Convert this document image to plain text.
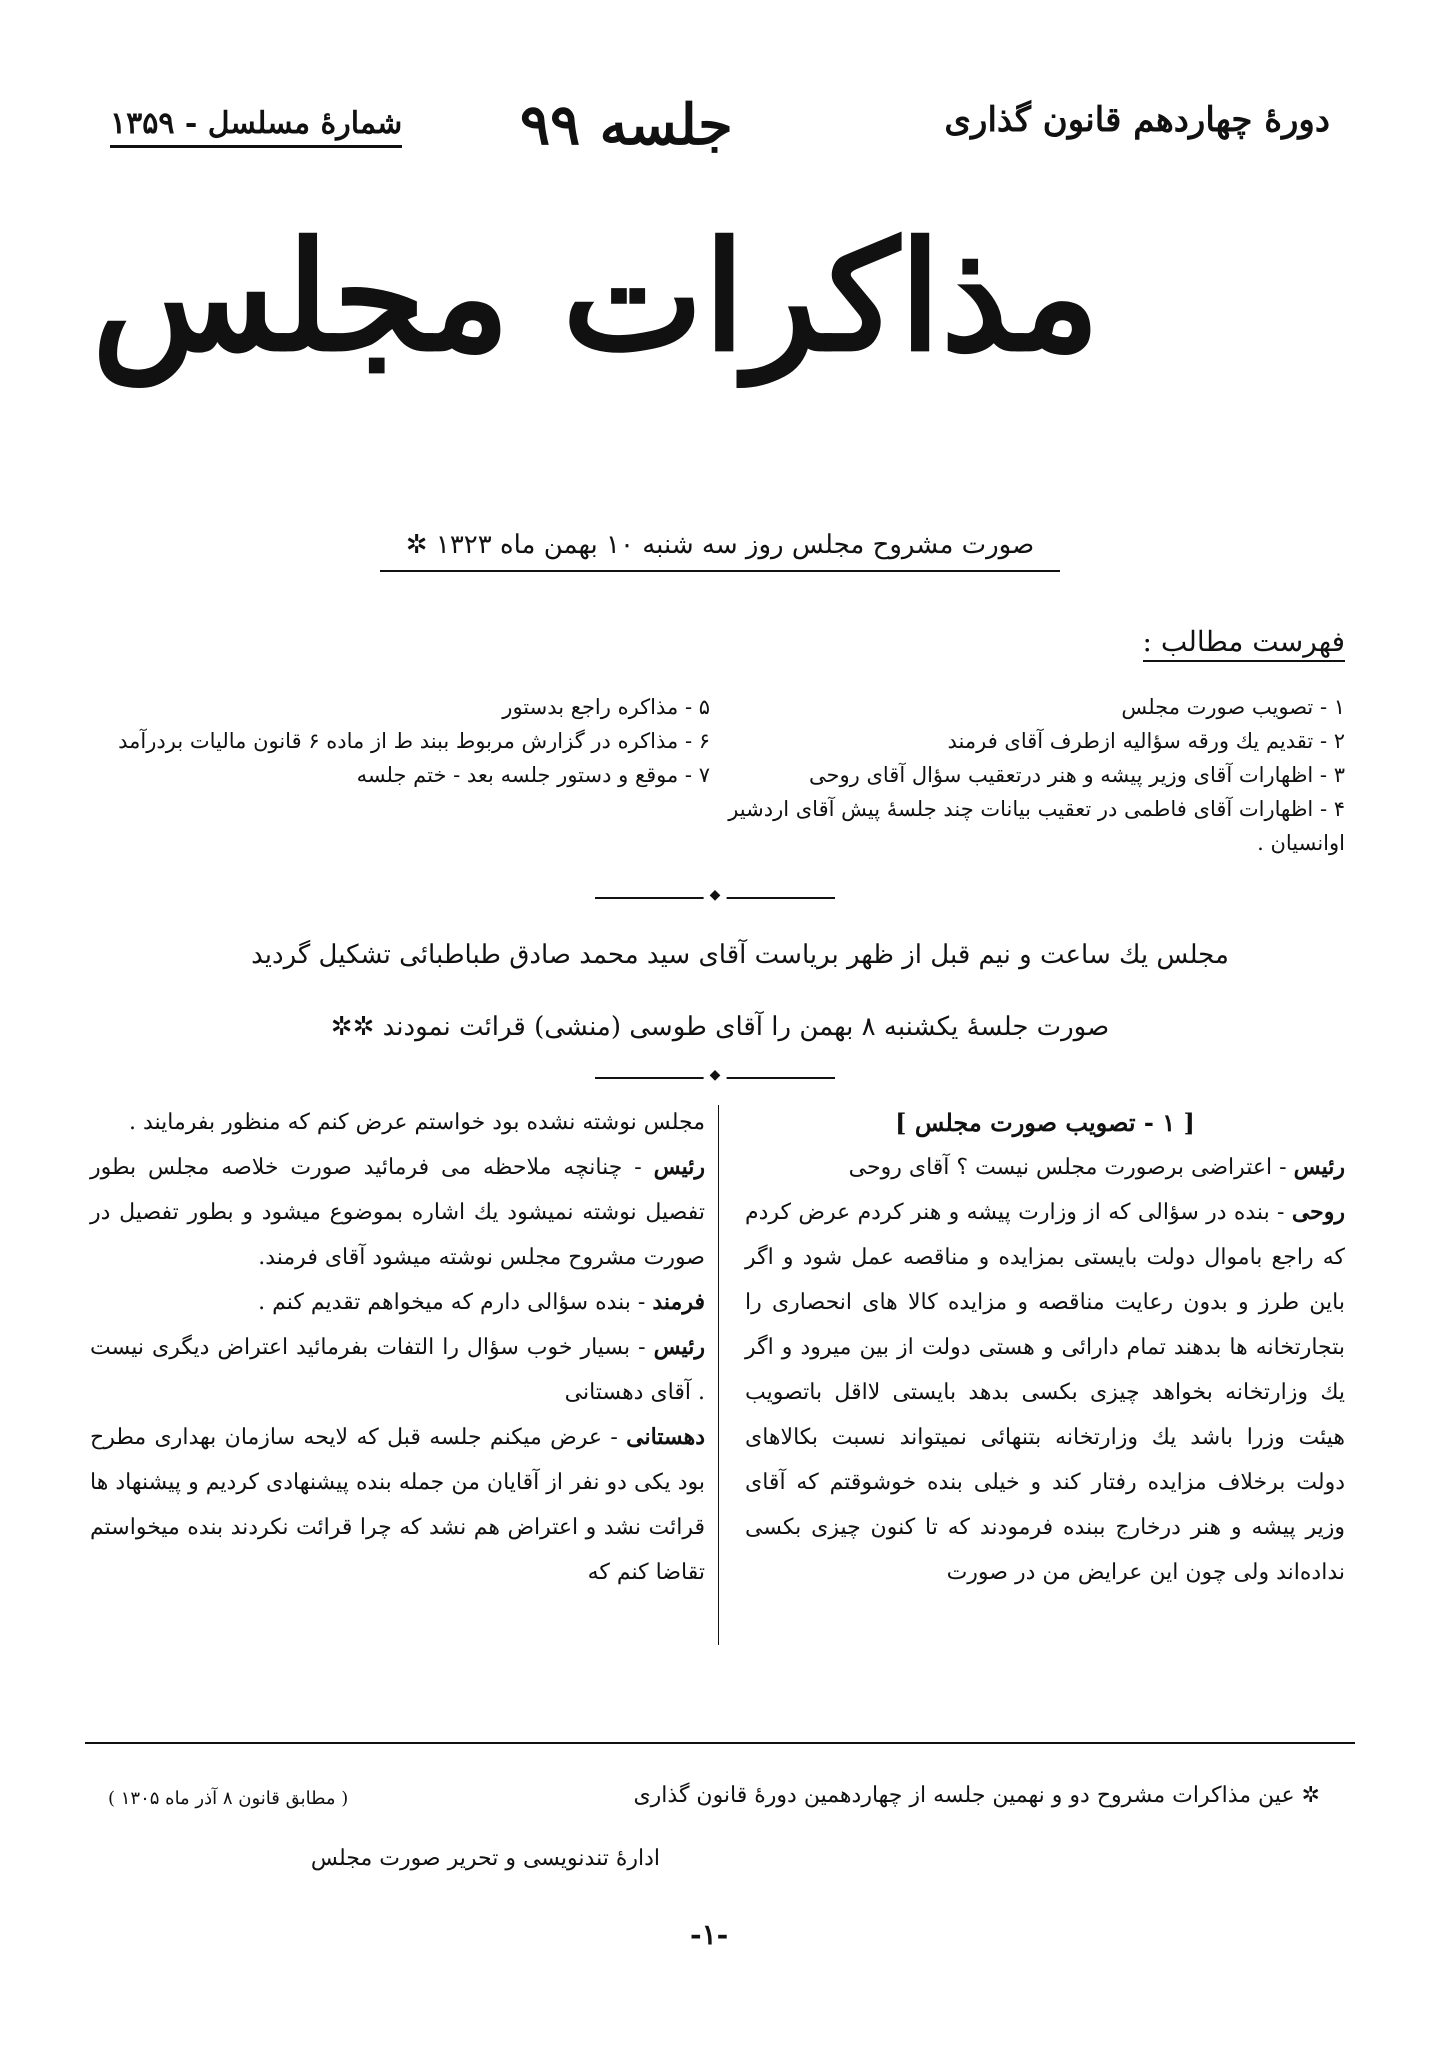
دورهٔ چهاردهم قانون گذاری
جلسه ۹۹
شمارهٔ مسلسل - ۱۳۵۹
مذاکرات مجلس
صورت مشروح مجلس روز سه شنبه ۱۰ بهمن ماه ۱۳۲۳ ✲
فهرست مطالب :
۱ - تصویب صورت مجلس
۲ - تقدیم یك ورقه سؤالیه ازطرف آقای فرمند
۳ - اظهارات آقای وزیر پیشه و هنر درتعقیب سؤال آقای روحی
۴ - اظهارات آقای فاطمی در تعقیب بیانات چند جلسهٔ پیش آقای اردشیر اوانسیان .
۵ - مذاکره راجع بدستور
۶ - مذاکره در گزارش مربوط ببند ط از ماده ۶ قانون مالیات بردرآمد
۷ - موقع و دستور جلسه بعد - ختم جلسه
◆
مجلس یك ساعت و نیم قبل از ظهر بریاست آقای سید محمد صادق طباطبائی تشکیل گردید
صورت جلسهٔ یکشنبه ۸ بهمن را آقای طوسی (منشی) قرائت نمودند ✲✲
◆
[ ۱ - تصویب صورت مجلس ]

رئیس - اعتراضی برصورت مجلس نیست ؟ آقای روحی

روحی - بنده در سؤالی که از وزارت پیشه و هنر کردم عرض کردم که راجع باموال دولت بایستی بمزایده و مناقصه عمل شود و اگر باین طرز و بدون رعایت مناقصه و مزایده کالا های انحصاری را بتجارتخانه ها بدهند تمام دارائی و هستی دولت از بین میرود و اگر یك وزارتخانه بخواهد چیزی بکسی بدهد بایستی لااقل باتصویب هیئت وزرا باشد یك وزارتخانه بتنهائی نمیتواند نسبت بکالاهای دولت برخلاف مزایده رفتار کند و خیلی بنده خوشوقتم که آقای وزیر پیشه و هنر درخارج ببنده فرمودند که تا کنون چیزی بکسی نداده‌اند ولی چون این عرایض من در صورت

مجلس نوشته نشده بود خواستم عرض کنم که منظور بفرمایند .

رئیس - چنانچه ملاحظه می فرمائید صورت خلاصه مجلس بطور تفصیل نوشته نمیشود یك اشاره بموضوع میشود و بطور تفصیل در صورت مشروح مجلس نوشته میشود آقای فرمند.

فرمند - بنده سؤالی دارم که میخواهم تقدیم کنم .

رئیس - بسیار خوب سؤال را التفات بفرمائید اعتراض دیگری نیست . آقای دهستانی

دهستانی - عرض میکنم جلسه قبل که لایحه سازمان بهداری مطرح بود یکی دو نفر از آقایان من جمله بنده پیشنهادی کردیم و پیشنهاد ها قرائت نشد و اعتراض هم نشد که چرا قرائت نکردند بنده میخواستم تقاضا کنم که

✲ عین مذاکرات مشروح دو و نهمین جلسه از چهاردهمین دورهٔ قانون گذاری
( مطابق قانون ۸ آذر ماه ۱۳۰۵ )
ادارهٔ تندنویسی و تحریر صورت مجلس
-۱-
